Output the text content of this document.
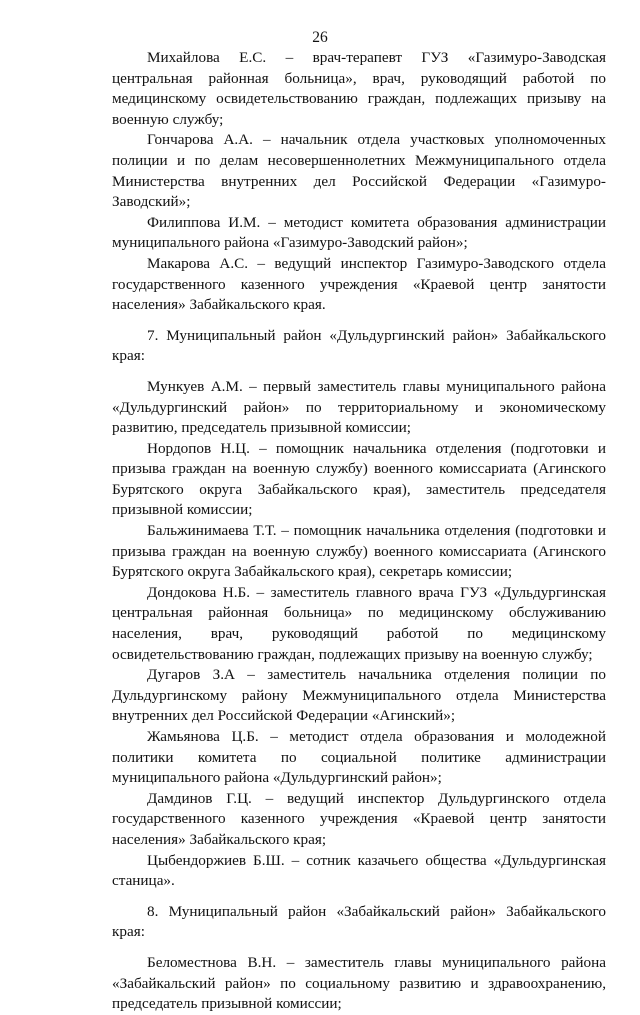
26

Михайлова Е.С. – врач-терапевт ГУЗ «Газимуро-Заводская центральная районная больница», врач, руководящий работой по медицинскому освидетельствованию граждан, подлежащих призыву на военную службу;

Гончарова А.А. – начальник отдела участковых уполномоченных полиции и по делам несовершеннолетних Межмуниципального отдела Министерства внутренних дел Российской Федерации «Газимуро-Заводский»;

Филиппова И.М. – методист комитета образования администрации муниципального района «Газимуро-Заводский район»;

Макарова А.С. – ведущий инспектор Газимуро-Заводского отдела государственного казенного учреждения «Краевой центр занятости населения» Забайкальского края.

7. Муниципальный район «Дульдургинский район» Забайкальского края:

Мункуев А.М. – первый заместитель главы муниципального района «Дульдургинский район» по территориальному и экономическому развитию, председатель призывной комиссии;

Нордопов Н.Ц. – помощник начальника отделения (подготовки и призыва граждан на военную службу) военного комиссариата (Агинского Бурятского округа Забайкальского края), заместитель председателя призывной комиссии;

Бальжинимаева Т.Т. – помощник начальника отделения (подготовки и призыва граждан на военную службу) военного комиссариата (Агинского Бурятского округа Забайкальского края), секретарь комиссии;

Дондокова Н.Б. – заместитель главного врача ГУЗ «Дульдургинская центральная районная больница» по медицинскому обслуживанию населения, врач, руководящий работой по медицинскому освидетельствованию граждан, подлежащих призыву на военную службу;

Дугаров З.А – заместитель начальника отделения полиции по Дульдургинскому району Межмуниципального отдела Министерства внутренних дел Российской Федерации «Агинский»;

Жамьянова Ц.Б. – методист отдела образования и молодежной политики комитета по социальной политике администрации муниципального района «Дульдургинский район»;

Дамдинов Г.Ц. – ведущий инспектор Дульдургинского отдела государственного казенного учреждения «Краевой центр занятости населения» Забайкальского края;

Цыбендоржиев Б.Ш. – сотник казачьего общества «Дульдургинская станица».

8. Муниципальный район «Забайкальский район» Забайкальского края:

Беломестнова В.Н. – заместитель главы муниципального района «Забайкальский район» по социальному развитию и здравоохранению, председатель призывной комиссии;
